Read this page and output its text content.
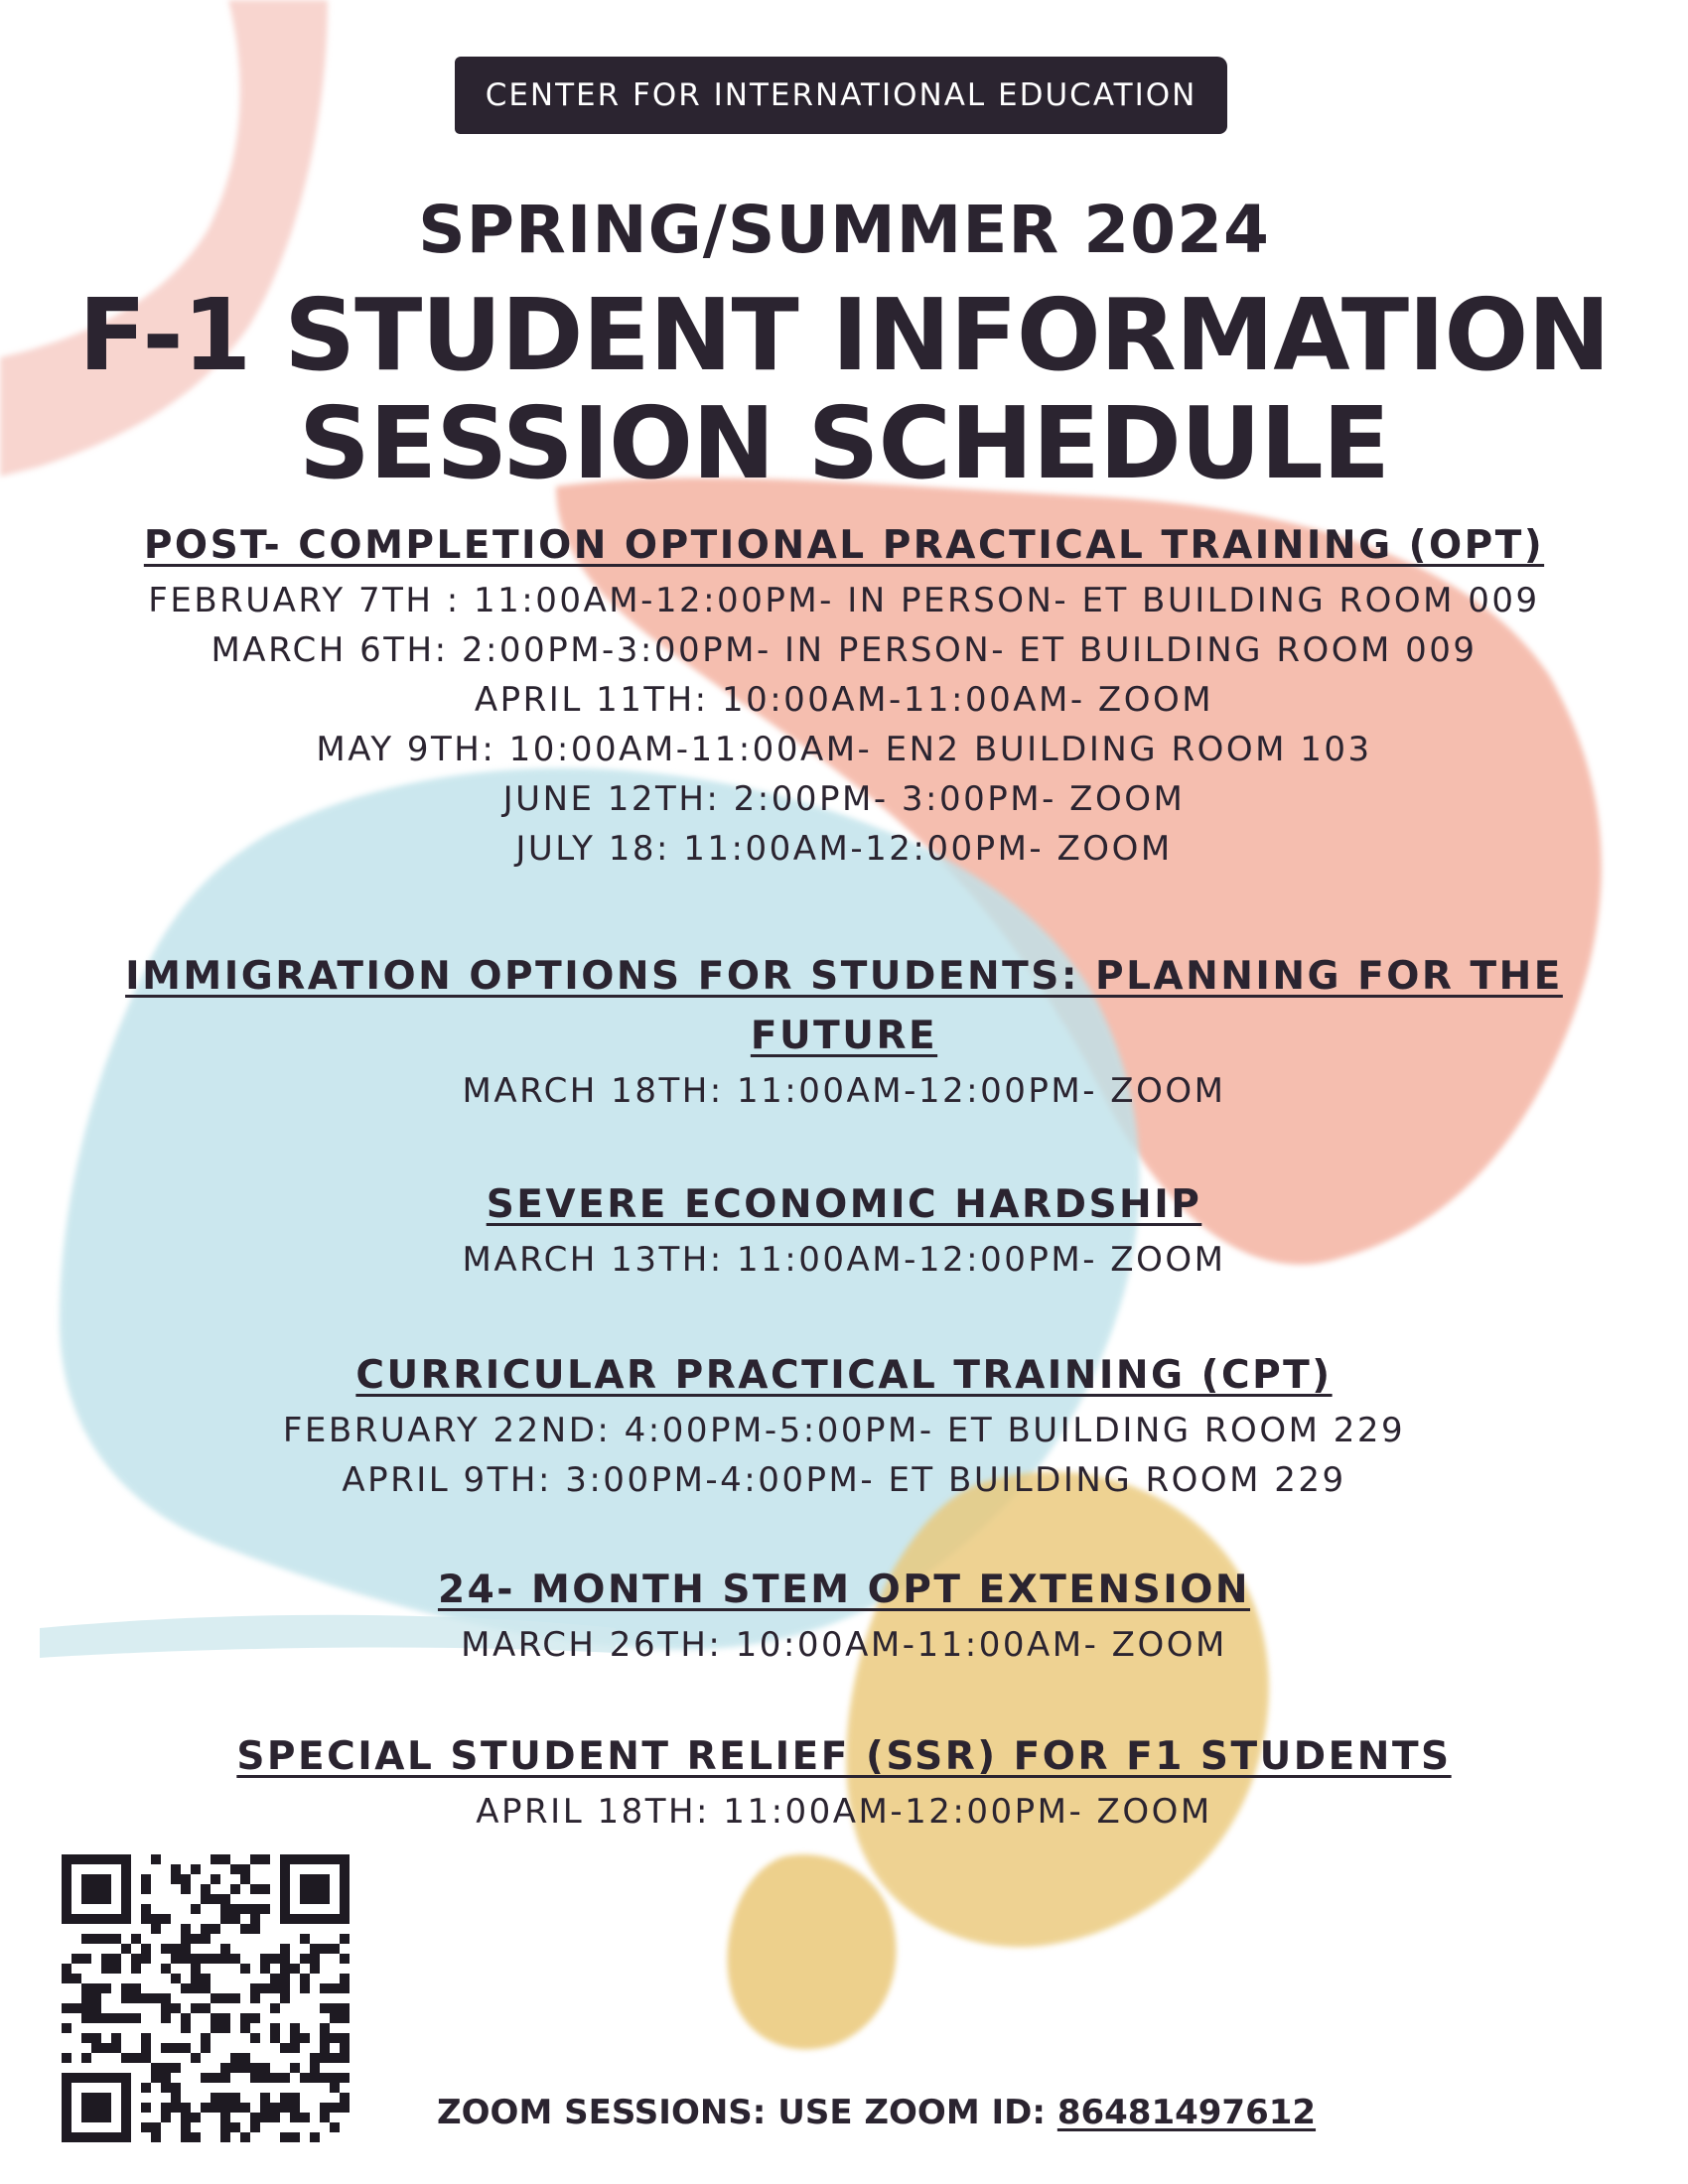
CENTER FOR INTERNATIONAL EDUCATION
SPRING/SUMMER 2024
F-1 STUDENT INFORMATION
SESSION SCHEDULE
POST- COMPLETION OPTIONAL PRACTICAL TRAINING (OPT)
FEBRUARY 7TH : 11:00AM-12:00PM- IN PERSON- ET BUILDING ROOM 009
MARCH 6TH: 2:00PM-3:00PM- IN PERSON- ET BUILDING ROOM 009
APRIL 11TH: 10:00AM-11:00AM- ZOOM
MAY 9TH: 10:00AM-11:00AM- EN2 BUILDING ROOM 103
JUNE 12TH: 2:00PM- 3:00PM- ZOOM
JULY 18: 11:00AM-12:00PM- ZOOM
IMMIGRATION OPTIONS FOR STUDENTS: PLANNING FOR THE
FUTURE
MARCH 18TH: 11:00AM-12:00PM- ZOOM
SEVERE ECONOMIC HARDSHIP
MARCH 13TH: 11:00AM-12:00PM- ZOOM
CURRICULAR PRACTICAL TRAINING (CPT)
FEBRUARY 22ND: 4:00PM-5:00PM- ET BUILDING ROOM 229
APRIL 9TH: 3:00PM-4:00PM- ET BUILDING ROOM 229
24- MONTH STEM OPT EXTENSION
MARCH 26TH: 10:00AM-11:00AM- ZOOM
SPECIAL STUDENT RELIEF (SSR) FOR F1 STUDENTS
APRIL 18TH: 11:00AM-12:00PM- ZOOM
ZOOM SESSIONS: USE ZOOM ID: 86481497612
